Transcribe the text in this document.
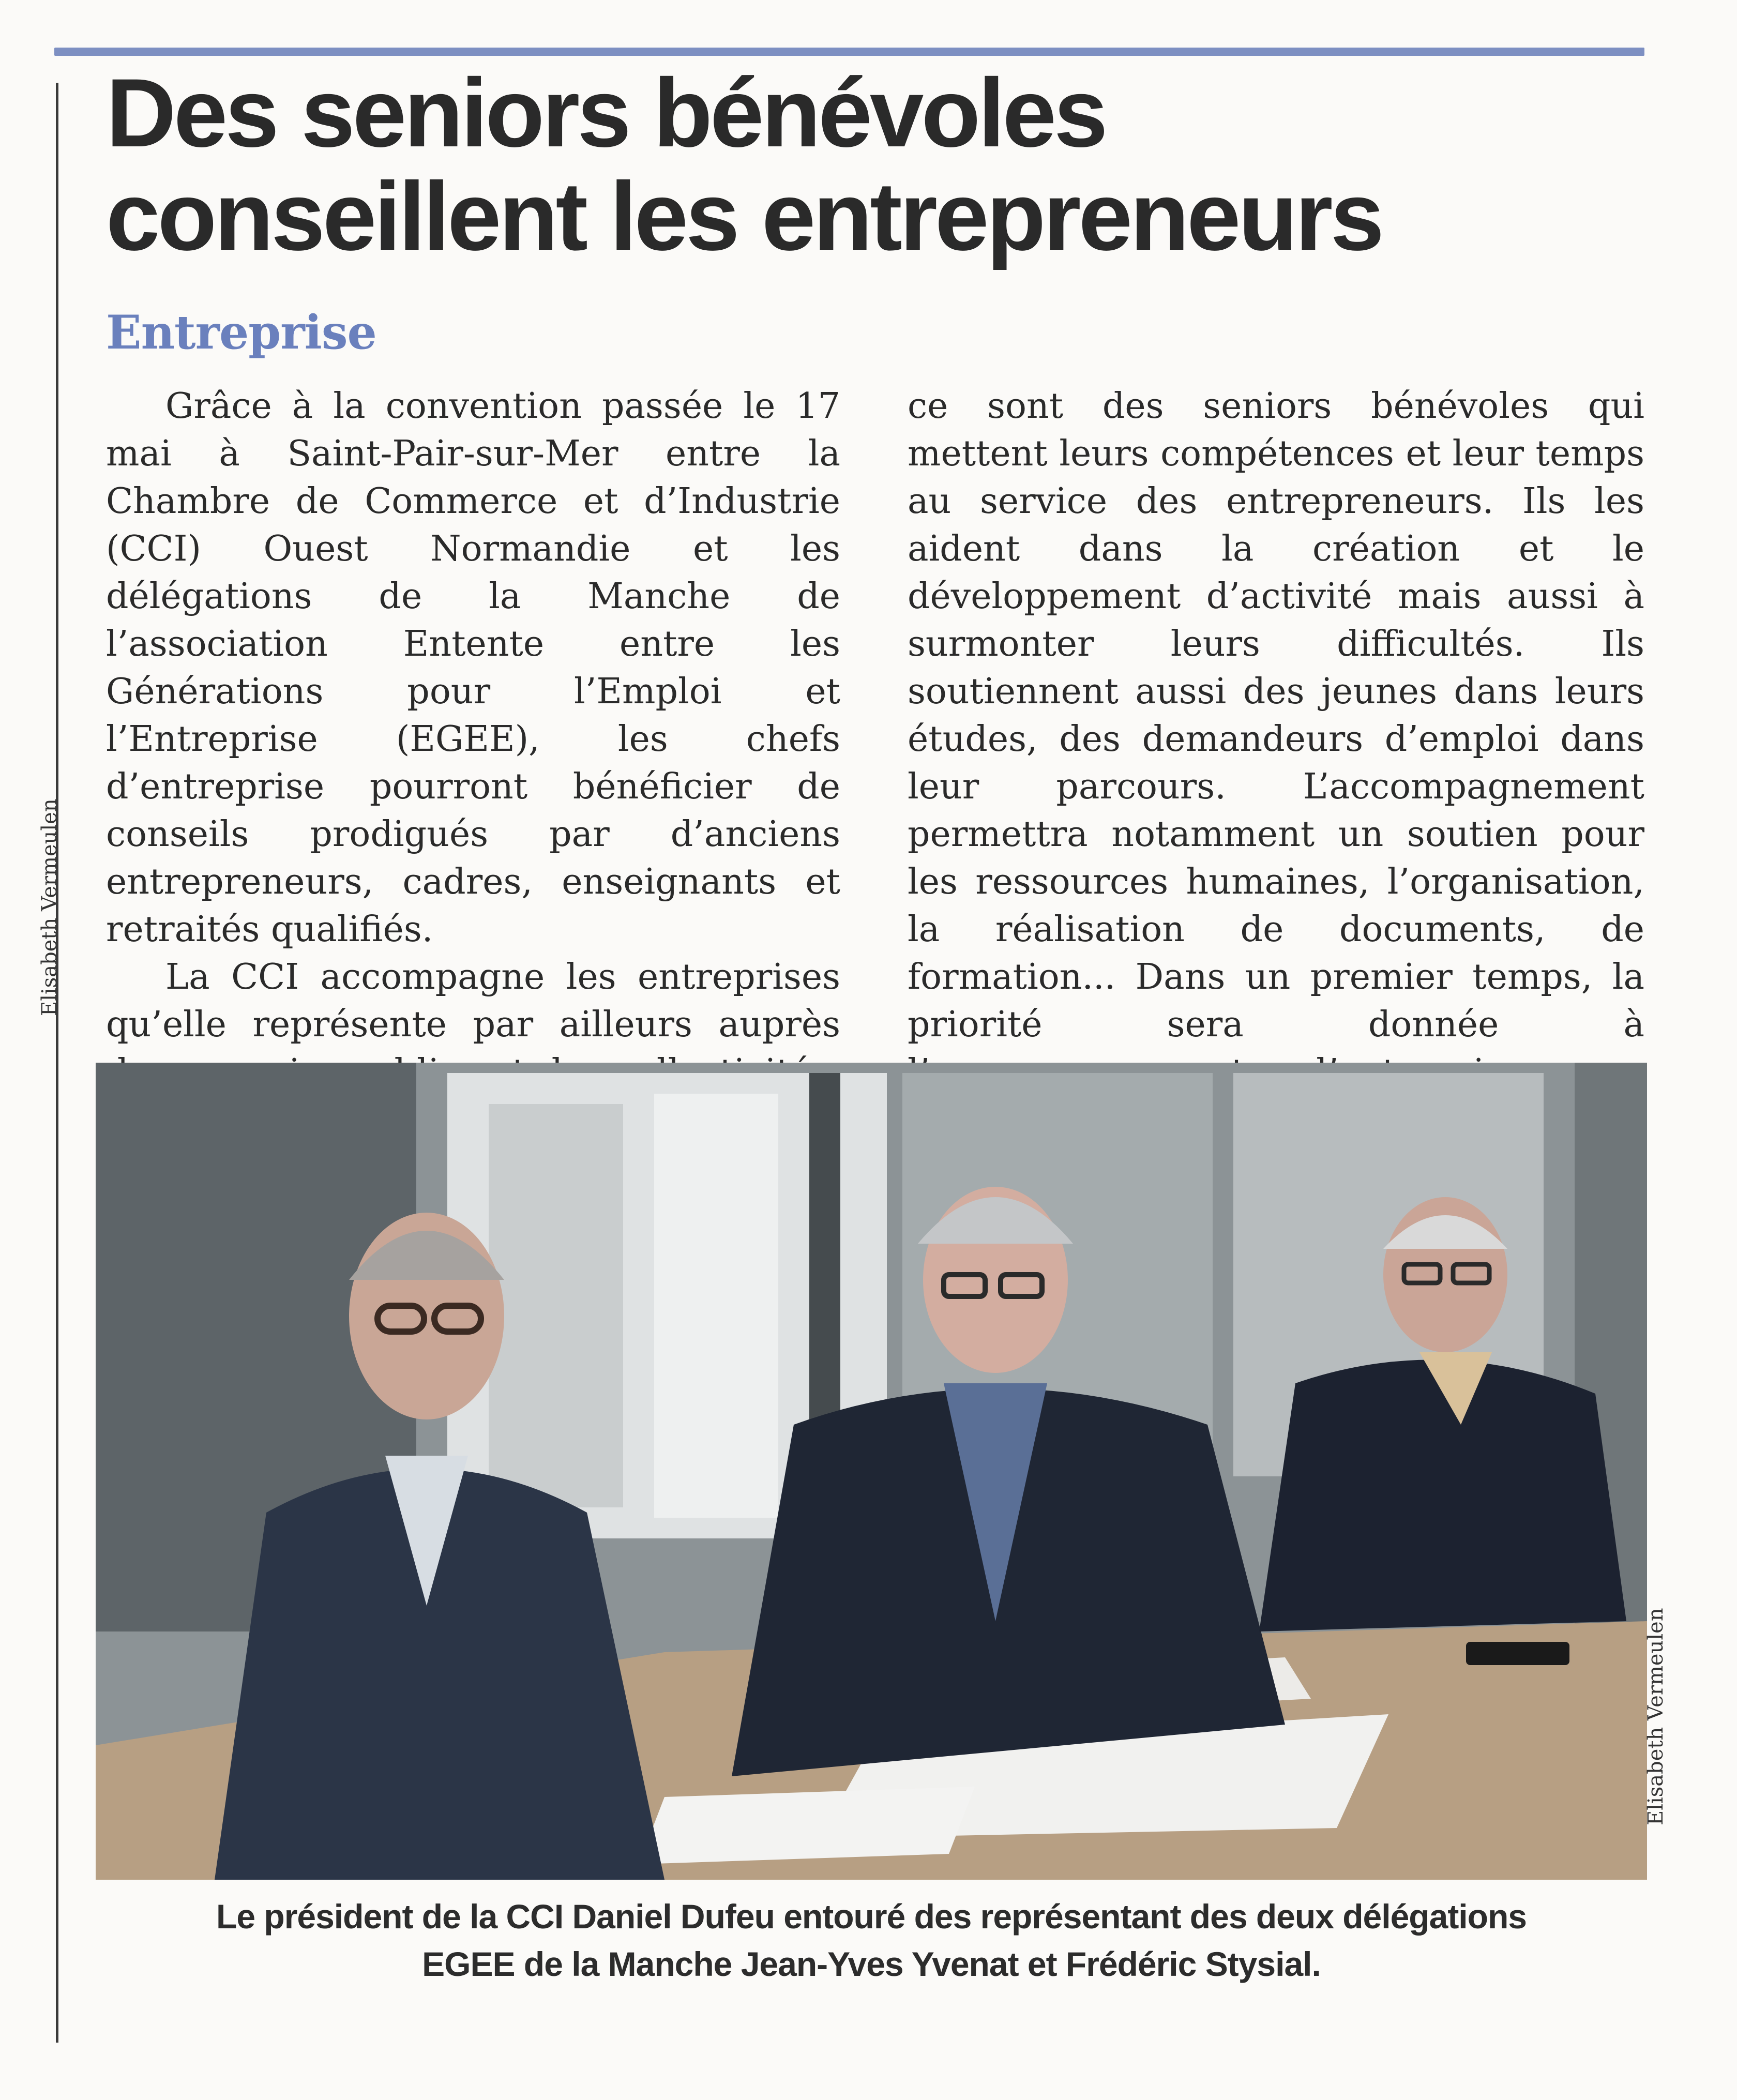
Elisabeth Vermeulen
Des seniors bénévoles
conseillent les entrepreneurs
Entreprise

Grâce à la convention passée le 17 mai à Saint-Pair-sur-Mer entre la Chambre de Commerce et d’Industrie (CCI) Ouest Normandie et les délégations de la Manche de l’association Entente entre les Générations pour l’Emploi et l’Entreprise (EGEE), les chefs d’entreprise pourront bénéficier de conseils prodigués par d’anciens entrepreneurs, cadres, enseignants et retraités qualifiés.

La CCI accompagne les entreprises qu’elle représente par ailleurs auprès

ce sont des seniors bénévoles qui mettent leurs compétences et leur temps au service des entrepreneurs. Ils les aident dans la création et le développement d’activité mais aussi à surmonter leurs difficultés. Ils soutiennent aussi des jeunes dans leurs études, des demandeurs d’emploi dans leur parcours. L’accompagnement permettra notamment un soutien pour les ressources humaines, l’organisation, la réalisation de documents, de formation... Dans un premier temps, la priorité sera donnée à

Elisabeth Vermeulen

Le président de la CCI Daniel Dufeu entouré des représentant des deux délégations

EGEE de la Manche Jean-Yves Yvenat et Frédéric Stysial.
